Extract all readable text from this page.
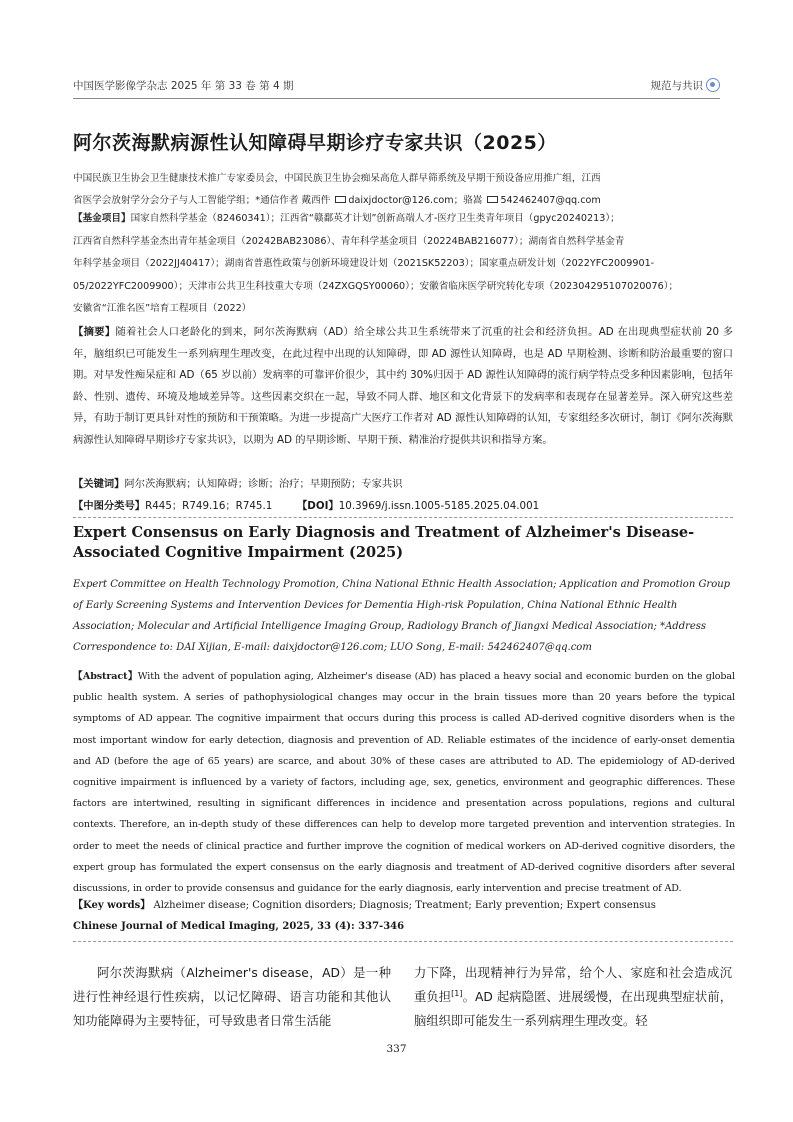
中国医学影像学杂志 2025 年 第 33 卷 第 4 期	规范与共识
阿尔茨海默病源性认知障碍早期诊疗专家共识（2025）
中国民族卫生协会卫生健康技术推广专家委员会，中国民族卫生协会痴呆高危人群早筛系统及早期干预设备应用推广组，江西
省医学会放射学分会分子与人工智能学组；*通信作者 戴西件 daixjdoctor@126.com；骆嵩 542462407@qq.com
【基金项目】国家自然科学基金（82460341）；江西省“赣鄱英才计划”创新高端人才-医疗卫生类青年项目（gpyc20240213）；
江西省自然科学基金杰出青年基金项目（20242BAB23086）、青年科学基金项目（20224BAB216077）；湖南省自然科学基金青
年科学基金项目（2022JJ40417）；湖南省普惠性政策与创新环境建设计划（2021SK52203）；国家重点研发计划（2022YFC2009901-
05/2022YFC2009900）；天津市公共卫生科技重大专项（24ZXGQSY00060）；安徽省临床医学研究转化专项（202304295107020076）；
安徽省“江淮名医”培育工程项目（2022）
【摘要】随着社会人口老龄化的到来，阿尔茨海默病（AD）给全球公共卫生系统带来了沉重的社会和经济负担。AD 在出现典型症状前 20 多年，脑组织已可能发生一系列病理生理改变，在此过程中出现的认知障碍，即 AD 源性认知障碍，也是 AD 早期检测、诊断和防治最重要的窗口期。对早发性痴呆症和 AD（65 岁以前）发病率的可靠评价很少，其中约 30%归因于 AD 源性认知障碍的流行病学特点受多种因素影响，包括年龄、性别、遗传、环境及地域差异等。这些因素交织在一起，导致不同人群、地区和文化背景下的发病率和表现存在显著差异。深入研究这些差异，有助于制订更具针对性的预防和干预策略。为进一步提高广大医疗工作者对 AD 源性认知障碍的认知，专家组经多次研讨，制订《阿尔茨海默病源性认知障碍早期诊疗专家共识》，以期为 AD 的早期诊断、早期干预、精准治疗提供共识和指导方案。
【关键词】阿尔茨海默病；认知障碍；诊断；治疗；早期预防；专家共识
【中图分类号】R445；R749.16；R745.1 【DOI】10.3969/j.issn.1005-5185.2025.04.001
Expert Consensus on Early Diagnosis and Treatment of Alzheimer's Disease-Associated Cognitive Impairment (2025)
Expert Committee on Health Technology Promotion, China National Ethnic Health Association; Application and Promotion Group of Early Screening Systems and Intervention Devices for Dementia High-risk Population, China National Ethnic Health Association; Molecular and Artificial Intelligence Imaging Group, Radiology Branch of Jiangxi Medical Association; *Address Correspondence to: DAI Xijian, E-mail: daixjdoctor@126.com; LUO Song, E-mail: 542462407@qq.com
【Abstract】With the advent of population aging, Alzheimer's disease (AD) has placed a heavy social and economic burden on the global public health system. A series of pathophysiological changes may occur in the brain tissues more than 20 years before the typical symptoms of AD appear. The cognitive impairment that occurs during this process is called AD-derived cognitive disorders when is the most important window for early detection, diagnosis and prevention of AD. Reliable estimates of the incidence of early-onset dementia and AD (before the age of 65 years) are scarce, and about 30% of these cases are attributed to AD. The epidemiology of AD-derived cognitive impairment is influenced by a variety of factors, including age, sex, genetics, environment and geographic differences. These factors are intertwined, resulting in significant differences in incidence and presentation across populations, regions and cultural contexts. Therefore, an in-depth study of these differences can help to develop more targeted prevention and intervention strategies. In order to meet the needs of clinical practice and further improve the cognition of medical workers on AD-derived cognitive disorders, the expert group has formulated the expert consensus on the early diagnosis and treatment of AD-derived cognitive disorders after several discussions, in order to provide consensus and guidance for the early diagnosis, early intervention and precise treatment of AD.
【Key words】 Alzheimer disease; Cognition disorders; Diagnosis; Treatment; Early prevention; Expert consensus
Chinese Journal of Medical Imaging, 2025, 33 (4): 337-346
阿尔茨海默病（Alzheimer's disease，AD）是一种进行性神经退行性疾病，以记忆障碍、语言功能和其他认知功能障碍为主要特征，可导致患者日常生活能
力下降，出现精神行为异常，给个人、家庭和社会造成沉重负担[1]。AD 起病隐匿、进展缓慢，在出现典型症状前，脑组织即可能发生一系列病理生理改变。轻
337
